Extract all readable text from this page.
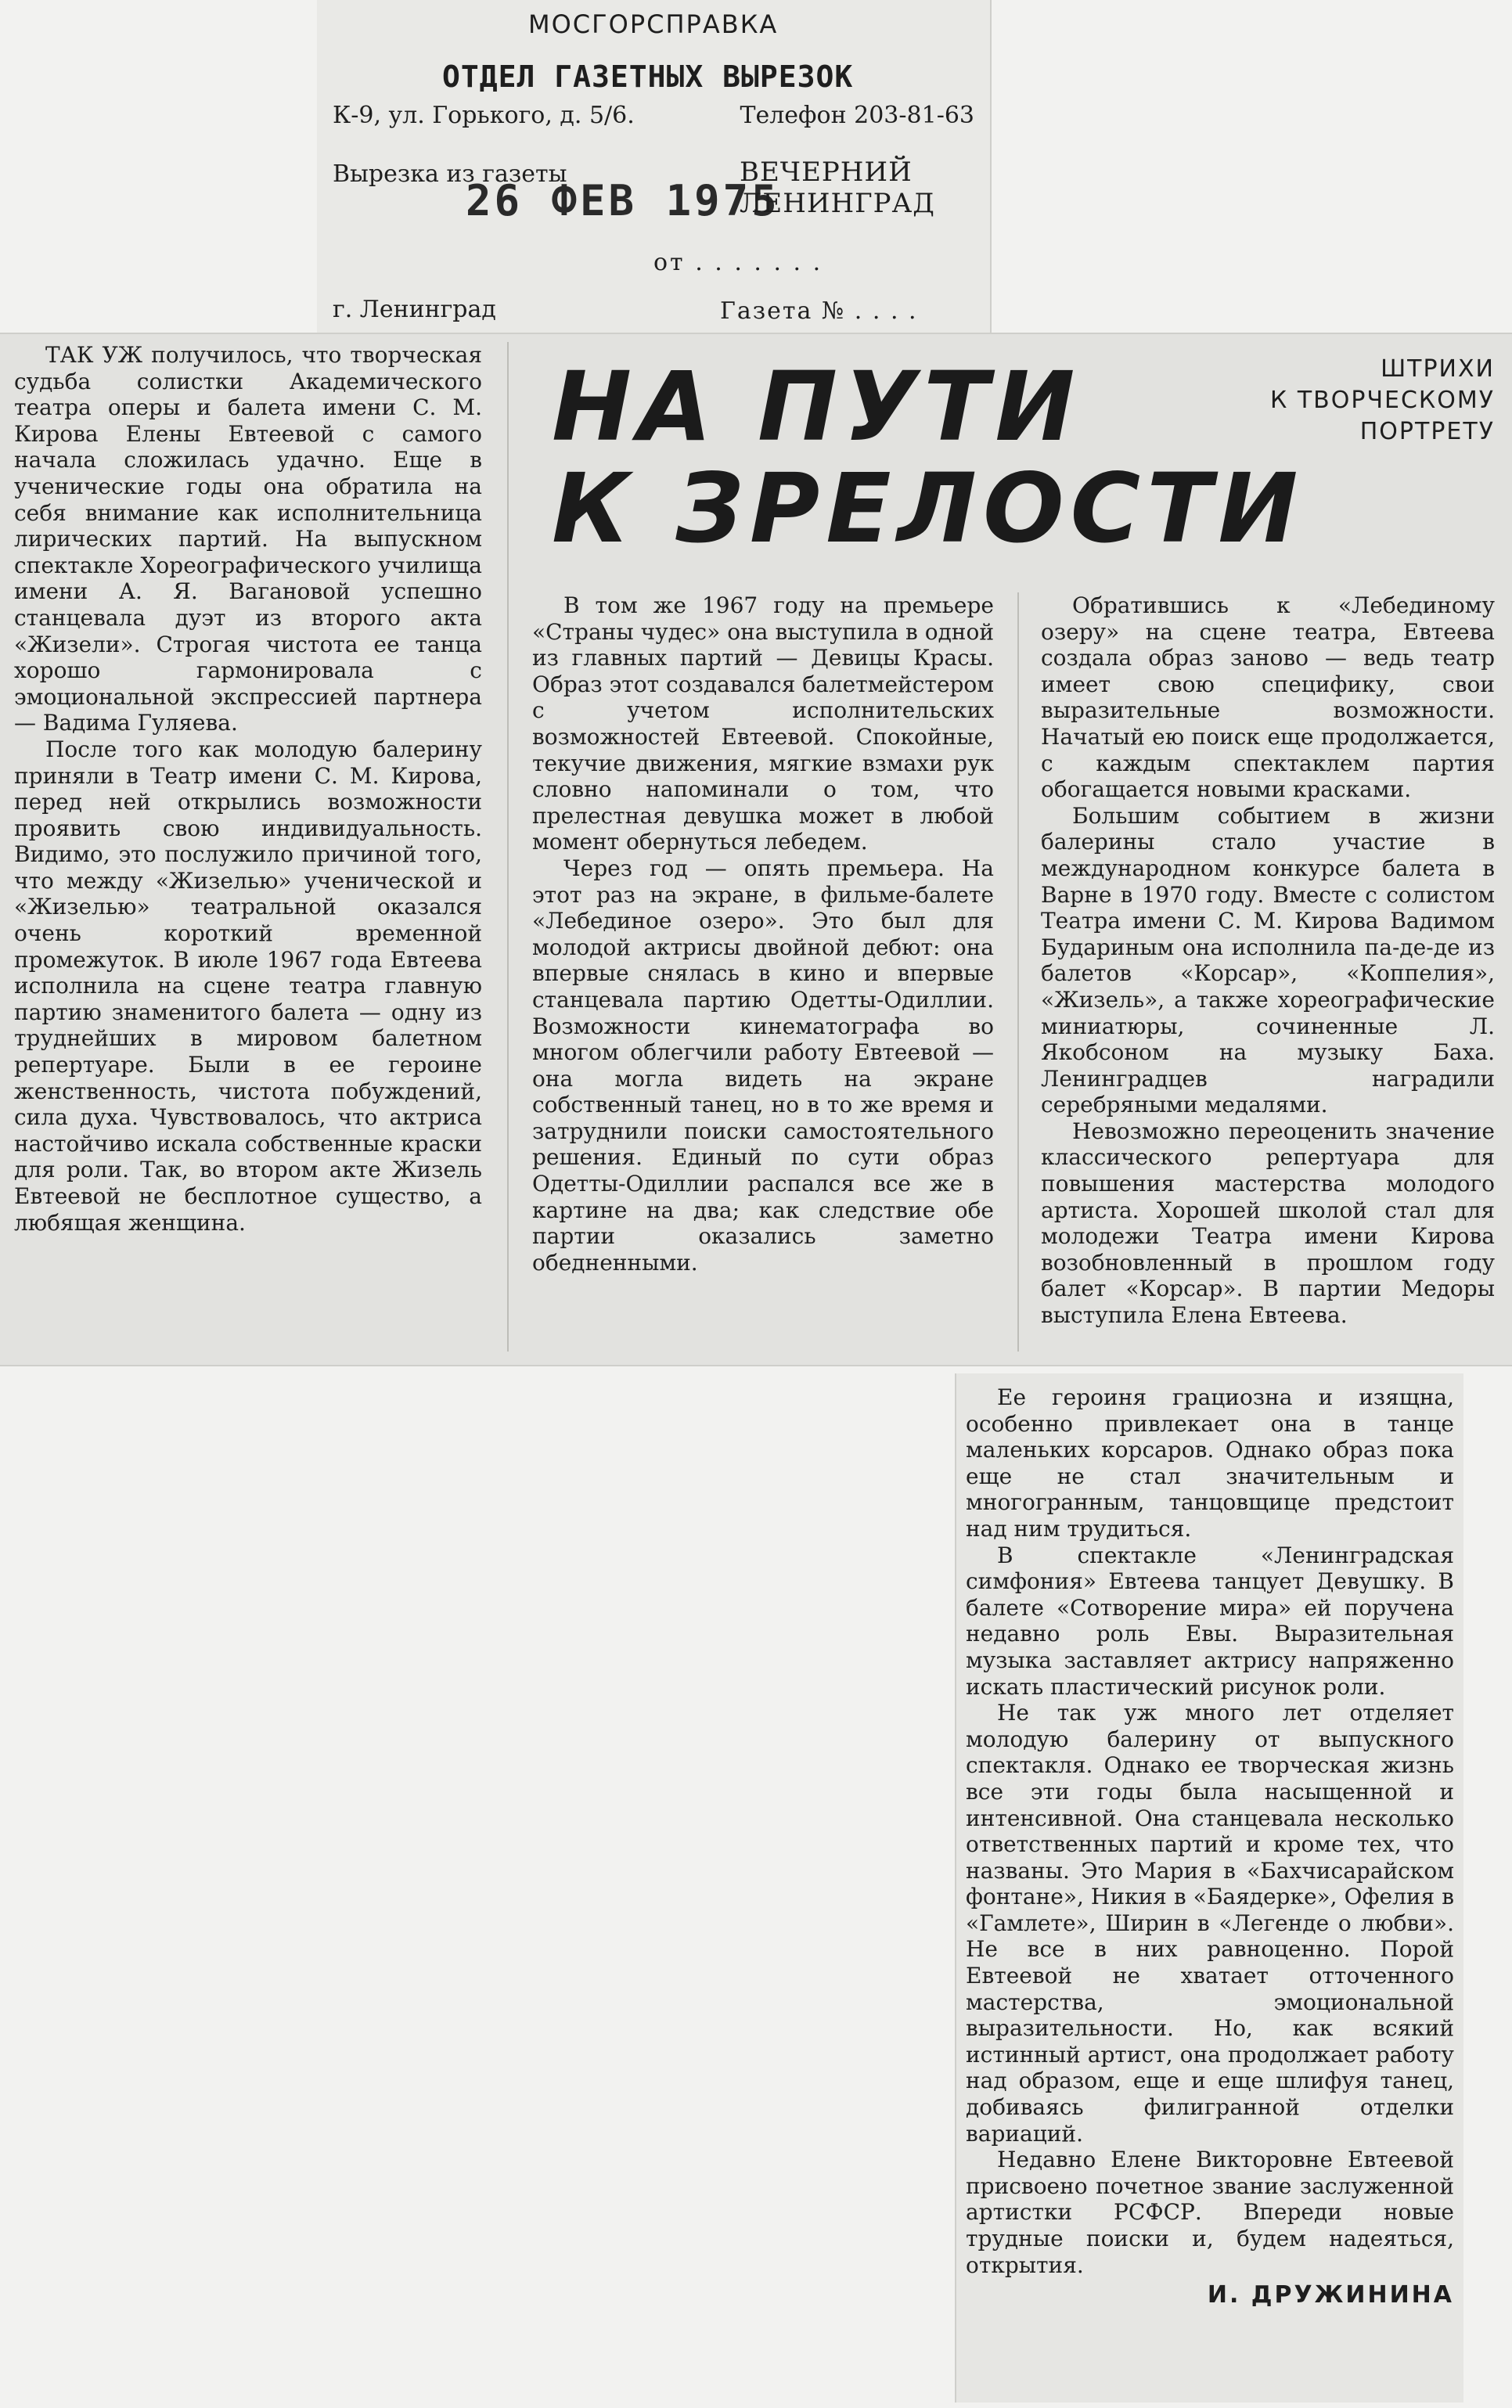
МОСГОРСПРАВКА
ОТДЕЛ ГАЗЕТНЫХ ВЫРЕЗОК
К-9, ул. Горького, д. 5/6.	Телефон 203-81-63
Вырезка из газеты
26 ФЕВ 1975
ВЕЧЕРНИЙ
ЛЕНИНГРАД
от . . . . . . .
г. Ленинград	Газета № . . . .

ТАК УЖ получилось, что творческая судьба солистки Академического театра оперы и балета имени С. М. Кирова Елены Евтеевой с самого начала сложилась удачно. Еще в ученические годы она обратила на себя внимание как исполнительница лирических партий. На выпускном спектакле Хореографического училища имени А. Я. Вагановой успешно станцевала дуэт из второго акта «Жизели». Строгая чистота ее танца хорошо гармонировала с эмоциональной экспрессией партнера — Вадима Гуляева.

После того как молодую балерину приняли в Театр имени С. М. Кирова, перед ней открылись возможности проявить свою индивидуальность. Видимо, это послужило причиной того, что между «Жизелью» ученической и «Жизелью» театральной оказался очень короткий временной промежуток. В июле 1967 года Евтеева исполнила на сцене театра главную партию знаменитого балета — одну из труднейших в мировом балетном репертуаре. Были в ее героине женственность, чистота побуждений, сила духа. Чувствовалось, что актриса настойчиво искала собственные краски для роли. Так, во втором акте Жизель Евтеевой не бесплотное существо, а любящая женщина.

В том же 1967 году на премьере «Страны чудес» она выступила в одной из главных партий — Девицы Красы. Образ этот создавался балетмейстером с учетом исполнительских возможностей Евтеевой. Спокойные, текучие движения, мягкие взмахи рук словно напоминали о том, что прелестная девушка может в любой момент обернуться лебедем.

Через год — опять премьера. На этот раз на экране, в фильме-балете «Лебединое озеро». Это был для молодой актрисы двойной дебют: она впервые снялась в кино и впервые станцевала партию Одетты-Одиллии. Возможности кинематографа во многом облегчили работу Евтеевой — она могла видеть на экране собственный танец, но в то же время и затруднили поиски самостоятельного решения. Единый по сути образ Одетты-Одиллии распался все же в картине на два; как следствие обе партии оказались заметно обедненными.

Обратившись к «Лебединому озеру» на сцене театра, Евтеева создала образ заново — ведь театр имеет свою специфику, свои выразительные возможности. Начатый ею поиск еще продолжается, с каждым спектаклем партия обогащается новыми красками.

Большим событием в жизни балерины стало участие в международном конкурсе балета в Варне в 1970 году. Вместе с солистом Театра имени С. М. Кирова Вадимом Будариным она исполнила па-де-де из балетов «Корсар», «Коппелия», «Жизель», а также хореографические миниатюры, сочиненные Л. Якобсоном на музыку Баха. Ленинградцев наградили серебряными медалями.

Невозможно переоценить значение классического репертуара для повышения мастерства молодого артиста. Хорошей школой стал для молодежи Театра имени Кирова возобновленный в прошлом году балет «Корсар». В партии Медоры выступила Елена Евтеева.

НА ПУТИ
К ЗРЕЛОСТИ
ШТРИХИ
К ТВОРЧЕСКОМУ
ПОРТРЕТУ

Ее героиня грациозна и изящна, особенно привлекает она в танце маленьких корсаров. Однако образ пока еще не стал значительным и многогранным, танцовщице предстоит над ним трудиться.

В спектакле «Ленинградская симфония» Евтеева танцует Девушку. В балете «Сотворение мира» ей поручена недавно роль Евы. Выразительная музыка заставляет актрису напряженно искать пластический рисунок роли.

Не так уж много лет отделяет молодую балерину от выпускного спектакля. Однако ее творческая жизнь все эти годы была насыщенной и интенсивной. Она станцевала несколько ответственных партий и кроме тех, что названы. Это Мария в «Бахчисарайском фонтане», Никия в «Баядерке», Офелия в «Гамлете», Ширин в «Легенде о любви». Не все в них равноценно. Порой Евтеевой не хватает отточенного мастерства, эмоциональной выразительности. Но, как всякий истинный артист, она продолжает работу над образом, еще и еще шлифуя танец, добиваясь филигранной отделки вариаций.

Недавно Елене Викторовне Евтеевой присвоено почетное звание заслуженной артистки РСФСР. Впереди новые трудные поиски и, будем надеяться, открытия.

И. ДРУЖИНИНА
